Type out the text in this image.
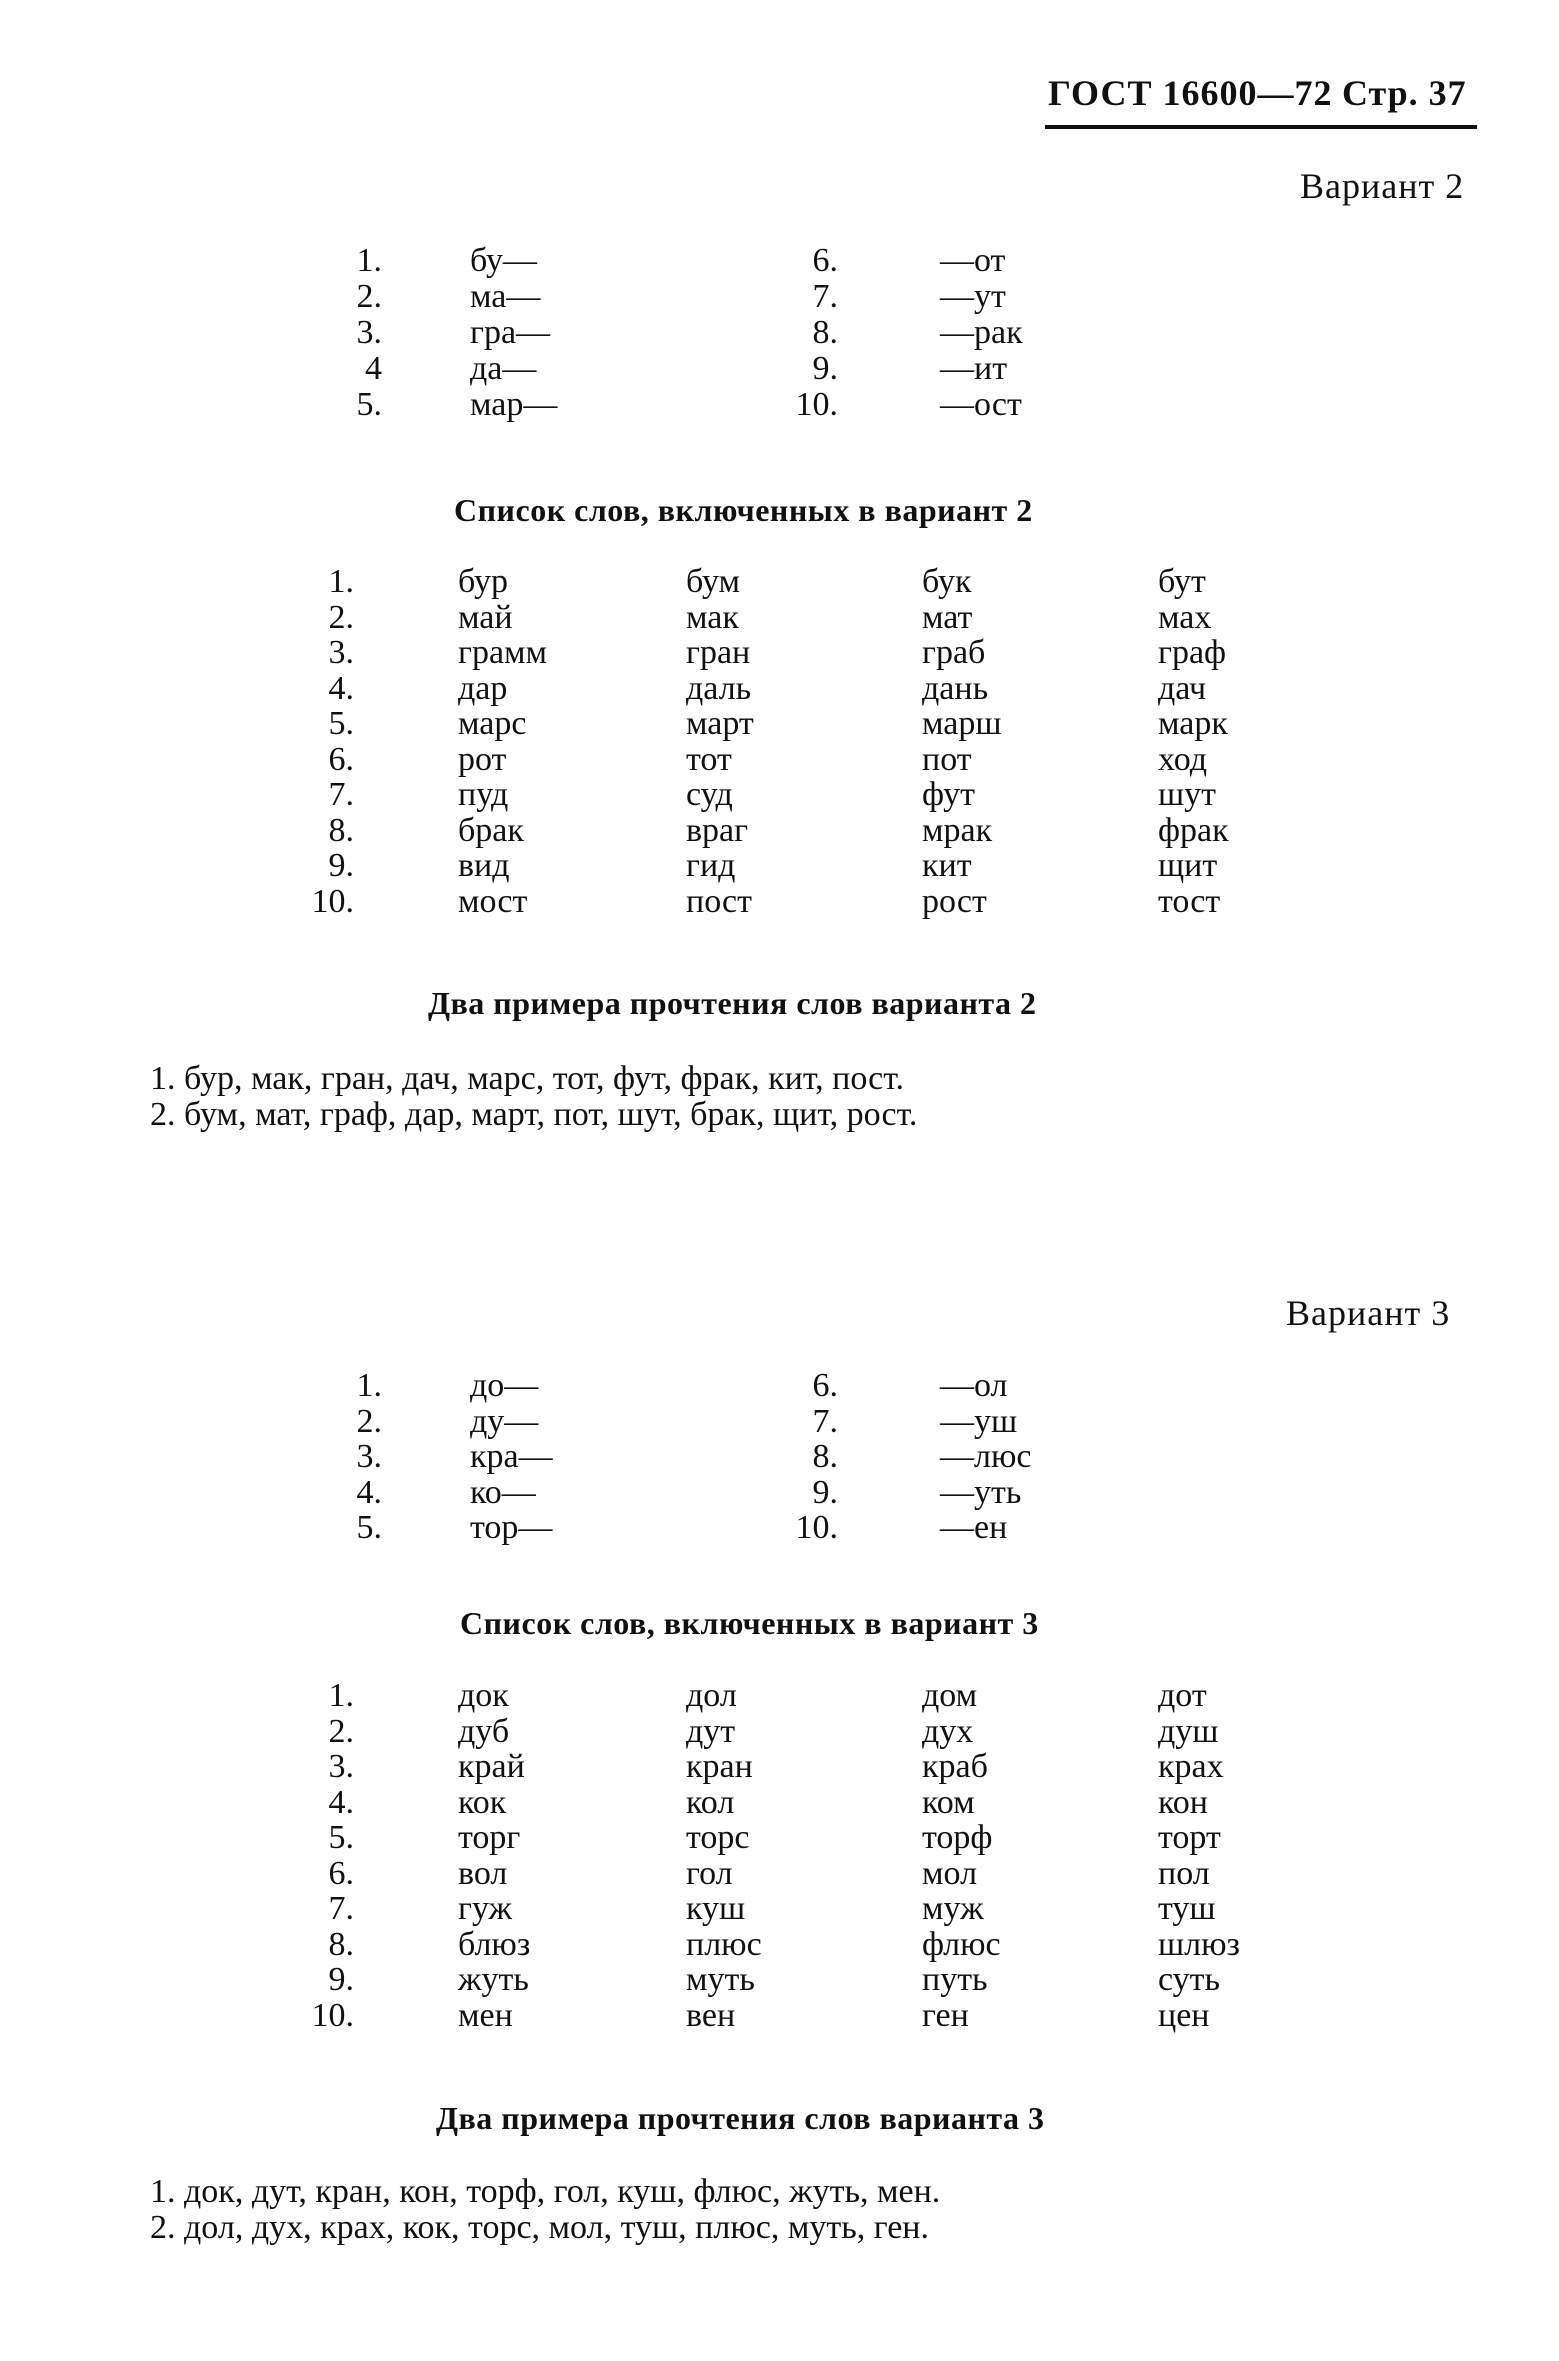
ГОСТ 16600—72 Стр. 37
Вариант 2
1.	бу—	6.	—от
2.	ма—	7.	—ут
3.	гра—	8.	—рак
4	да—	9.	—ит
5.	мар—	10.	—ост
Список слов, включенных в вариант 2
1.	бур	бум	бук	бут
2.	май	мак	мат	мах
3.	грамм	гран	граб	граф
4.	дар	даль	дань	дач
5.	марс	март	марш	марк
6.	рот	тот	пот	ход
7.	пуд	суд	фут	шут
8.	брак	враг	мрак	фрак
9.	вид	гид	кит	щит
10.	мост	пост	рост	тост
Два примера прочтения слов варианта 2
1. бур, мак, гран, дач, марс, тот, фут, фрак, кит, пост.
2. бум, мат, граф, дар, март, пот, шут, брак, щит, рост.
Вариант 3
1.	до—	6.	—ол
2.	ду—	7.	—уш
3.	кра—	8.	—люс
4.	ко—	9.	—уть
5.	тор—	10.	—ен
Список слов, включенных в вариант 3
1.	док	дол	дом	дот
2.	дуб	дут	дух	душ
3.	край	кран	краб	крах
4.	кок	кол	ком	кон
5.	торг	торс	торф	торт
6.	вол	гол	мол	пол
7.	гуж	куш	муж	туш
8.	блюз	плюс	флюс	шлюз
9.	жуть	муть	путь	суть
10.	мен	вен	ген	цен
Два примера прочтения слов варианта 3
1. док, дут, кран, кон, торф, гол, куш, флюс, жуть, мен.
2. дол, дух, крах, кок, торс, мол, туш, плюс, муть, ген.
